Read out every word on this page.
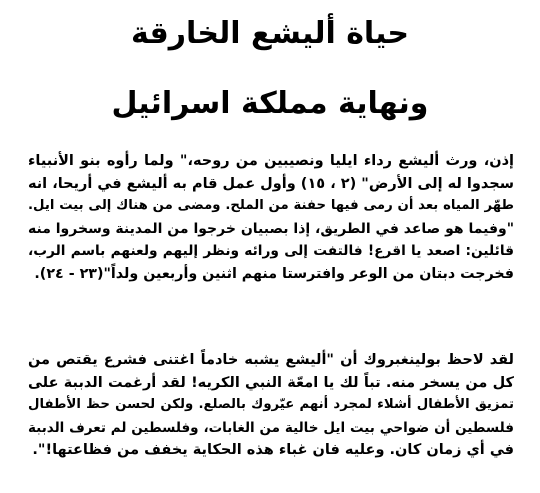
حياة أليشع الخارقة
ونهاية مملكة اسرائيل
إذن، ورث أليشع رداء ايليا ونصيبين من روحه،" ولما رأوه بنو الأنبياء
سجدوا له إلى الأرض" (٢ ، ١٥) وأول عمل قام به أليشع في أريحا، انه
طهّر المياه بعد أن رمى فيها حفنة من الملح. ومضى من هناك إلى بيت ايل.
"وفيما هو صاعد في الطريق، إذا بصبيان خرجوا من المدينة وسخروا منه
قائلين: اصعد يا اقرع! فالتفت إلى ورائه ونظر إليهم ولعنهم باسم الرب،
فخرجت دبتان من الوعر وافترستا منهم اثنين وأربعين ولداً"(٢٣ - ٢٤).
لقد لاحظ بولينغبروك أن "أليشع يشبه خادماً اغتنى فشرع يقتص من
كل من يسخر منه. تباً لك يا امعّة النبي الكريه! لقد أرغمت الدببة على
تمزيق الأطفال أشلاء لمجرد أنهم عيّروك بالصلع. ولكن لحسن حظ الأطفال
فلسطين أن ضواحي بيت ايل خالية من الغابات، وفلسطين لم تعرف الدببة
في أي زمان كان. وعليه فان غباء هذه الحكاية يخفف من فظاعتها!".
